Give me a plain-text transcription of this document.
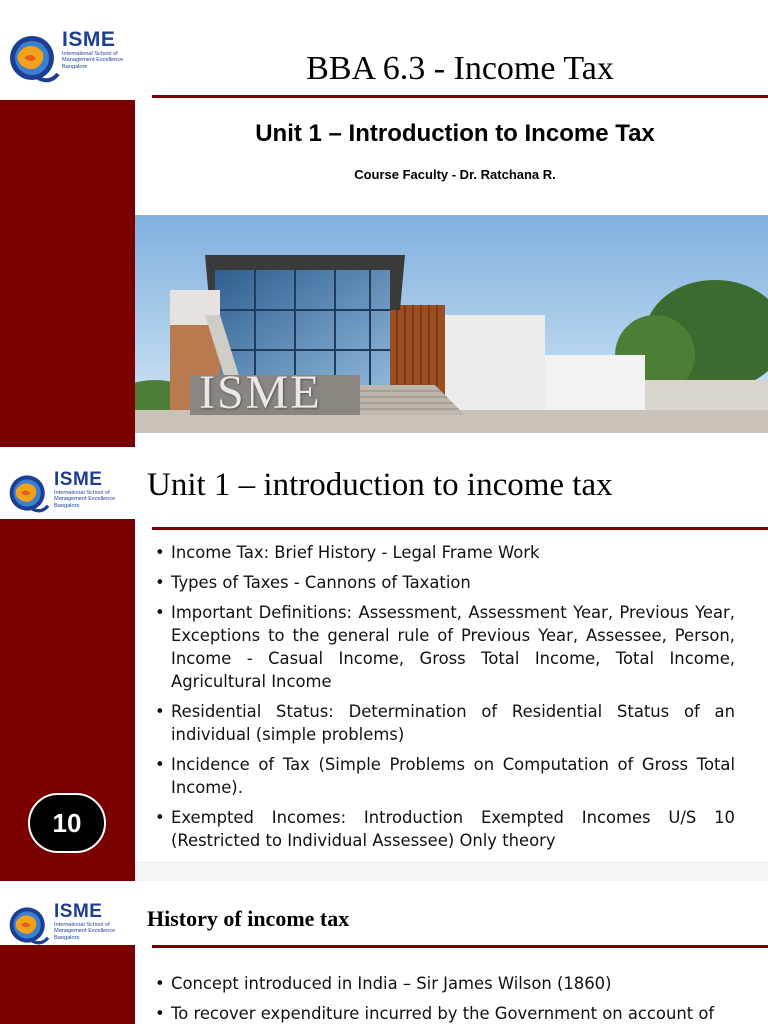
ISME
International School of Management Excellence Bangalore	BBA 6.3 - Income Tax
Unit 1 – Introduction to Income Tax
Course Faculty - Dr. Ratchana R.
ISME
ISME
International School of Management Excellence Bangalore
Unit 1 – introduction to income tax
• Income Tax: Brief History - Legal Frame Work
• Types of Taxes - Cannons of Taxation
• Important Definitions: Assessment, Assessment Year, Previous Year, Exceptions to the general rule of Previous Year, Assessee, Person, Income - Casual Income, Gross Total Income, Total Income, Agricultural Income
• Residential Status: Determination of Residential Status of an individual (simple problems)
• Incidence of Tax (Simple Problems on Computation of Gross Total Income).
• Exempted Incomes: Introduction Exempted Incomes U/S 10 (Restricted to Individual Assessee) Only theory
10
ISME
International School of Management Excellence Bangalore
History of income tax
• Concept introduced in India – Sir James Wilson (1860)
• To recover expenditure incurred by the Government on account of
